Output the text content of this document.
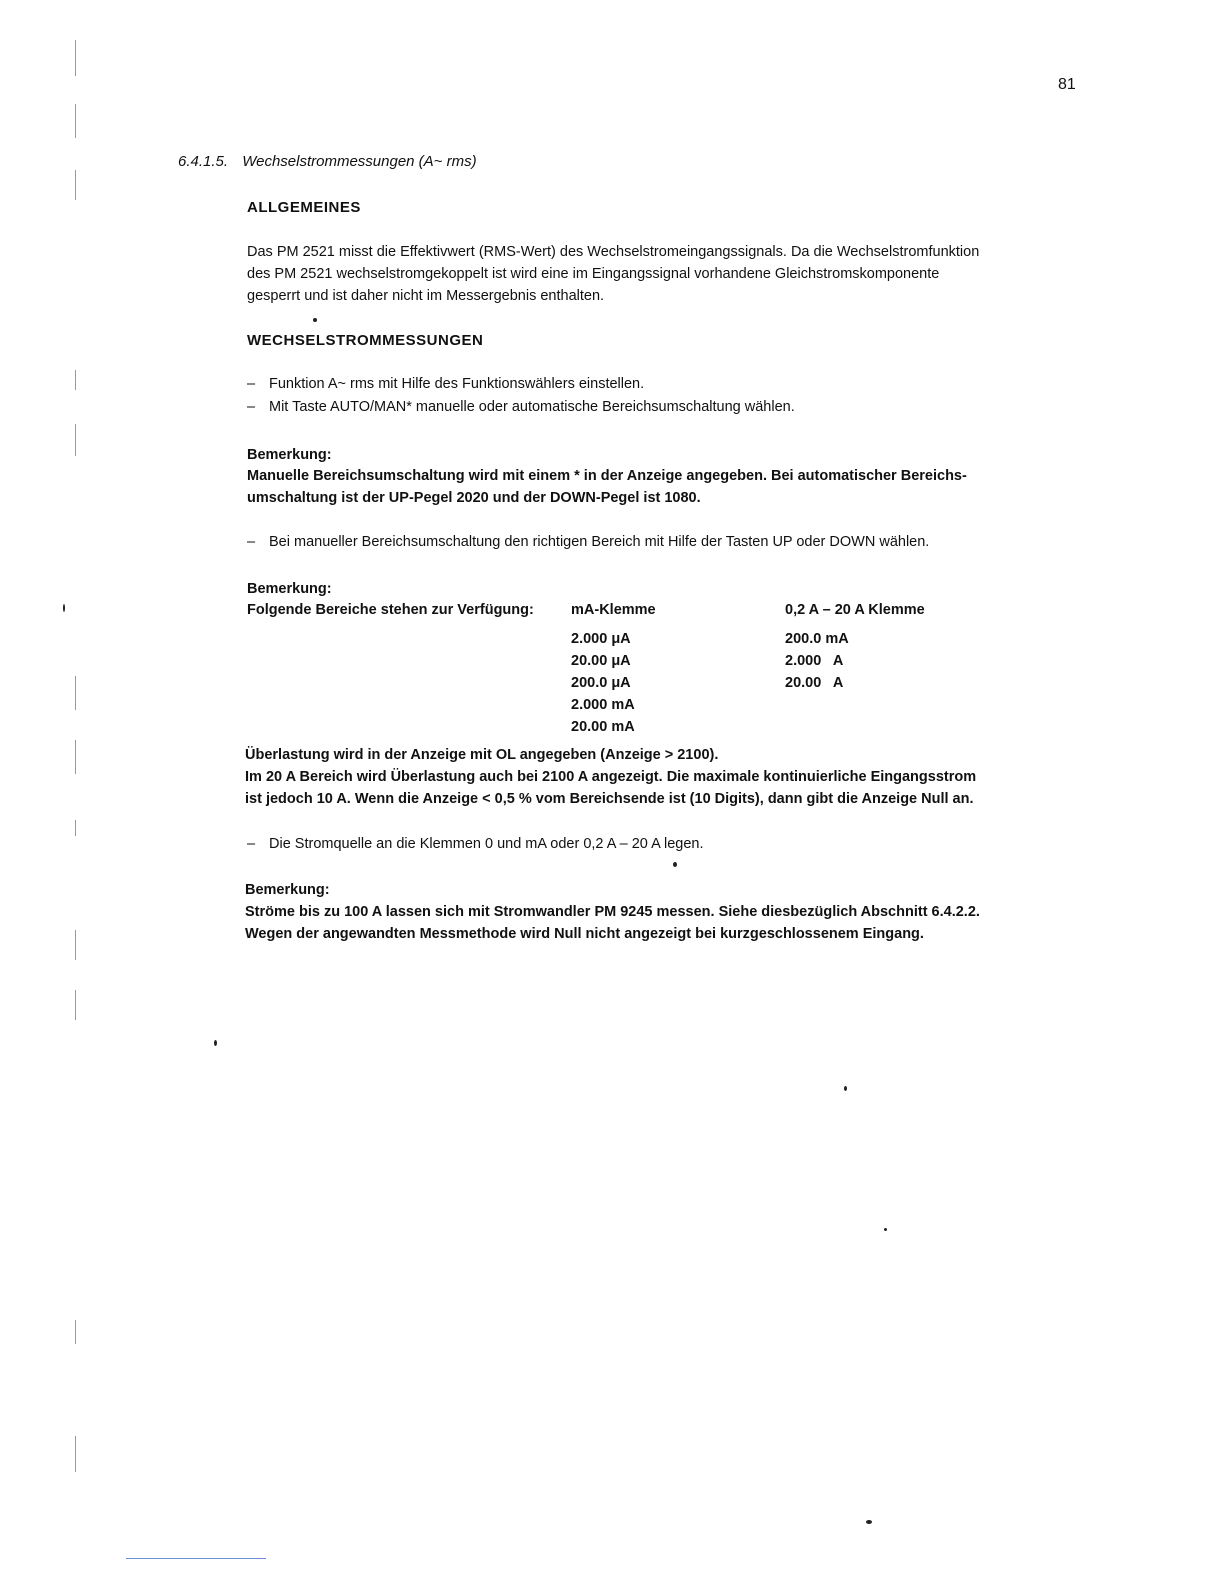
81
6.4.1.5. Wechselstrommessungen (A~ rms)
ALLGEMEINES
Das PM 2521 misst die Effektivwert (RMS-Wert) des Wechselstromeingangssignals. Da die Wechselstromfunktion
des PM 2521 wechselstromgekoppelt ist wird eine im Eingangssignal vorhandene Gleichstromskomponente
gesperrt und ist daher nicht im Messergebnis enthalten.
WECHSELSTROMMESSUNGEN
– Funktion A~ rms mit Hilfe des Funktionswählers einstellen.
– Mit Taste AUTO/MAN* manuelle oder automatische Bereichsumschaltung wählen.
Bemerkung:
Manuelle Bereichsumschaltung wird mit einem * in der Anzeige angegeben. Bei automatischer Bereichs-
umschaltung ist der UP-Pegel 2020 und der DOWN-Pegel ist 1080.
– Bei manueller Bereichsumschaltung den richtigen Bereich mit Hilfe der Tasten UP oder DOWN wählen.
Bemerkung:
Folgende Bereiche stehen zur Verfügung:	mA-Klemme
2.000 μA
20.00 μA
200.0 μA
2.000 mA
20.00 mA
0,2 A – 20 A Klemme
200.0 mA
2.000   A
20.00   A
Überlastung wird in der Anzeige mit OL angegeben (Anzeige > 2100).
Im 20 A Bereich wird Überlastung auch bei 2100 A angezeigt. Die maximale kontinuierliche Eingangsstrom
ist jedoch 10 A. Wenn die Anzeige < 0,5 % vom Bereichsende ist (10 Digits), dann gibt die Anzeige Null an.
– Die Stromquelle an die Klemmen 0 und mA oder 0,2 A – 20 A legen.
Bemerkung:
Ströme bis zu 100 A lassen sich mit Stromwandler PM 9245 messen. Siehe diesbezüglich Abschnitt 6.4.2.2.
Wegen der angewandten Messmethode wird Null nicht angezeigt bei kurzgeschlossenem Eingang.
